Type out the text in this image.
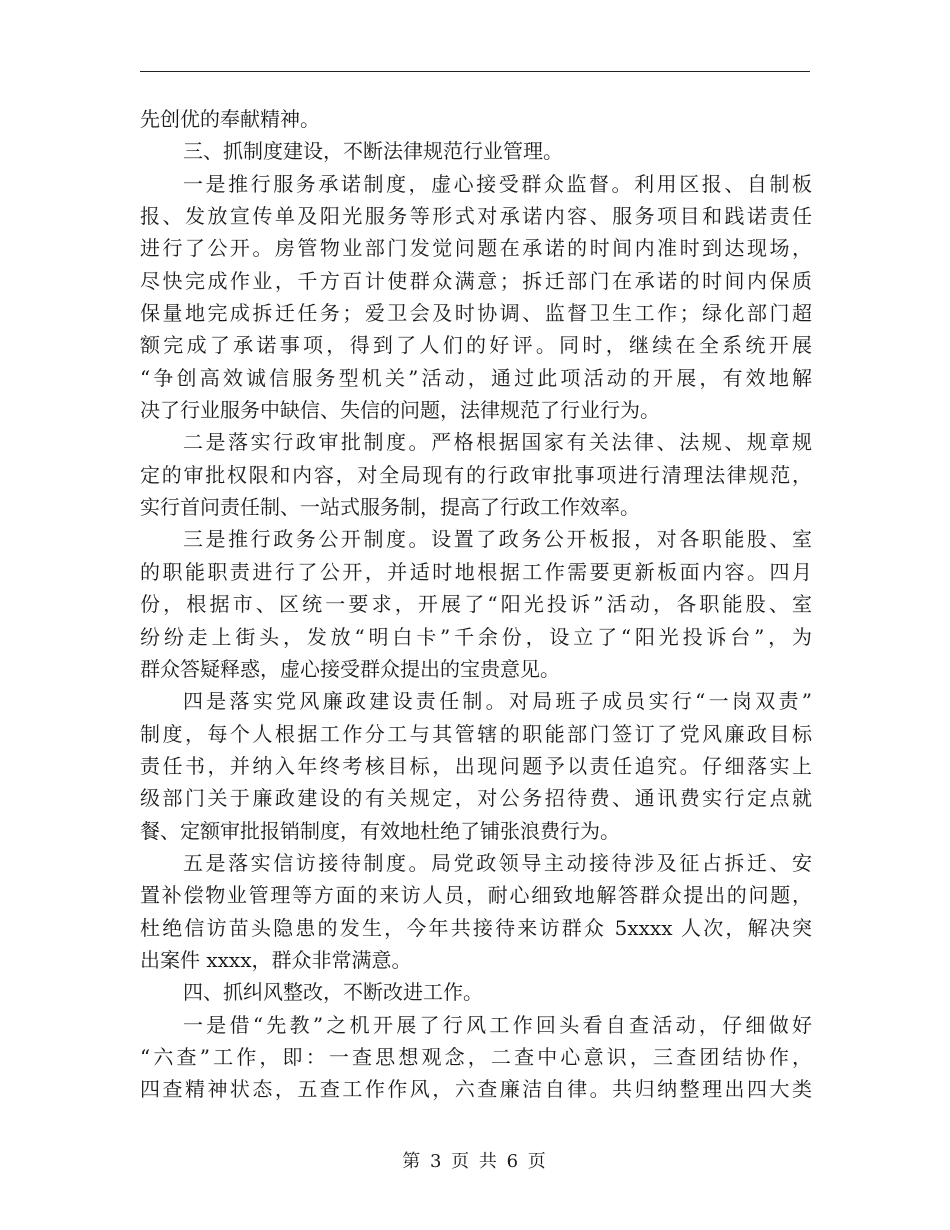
先创优的奉献精神。
三、抓制度建设，不断法律规范行业管理。
一是推行服务承诺制度，虚心接受群众监督。利用区报、自制板
报、发放宣传单及阳光服务等形式对承诺内容、服务项目和践诺责任
进行了公开。房管物业部门发觉问题在承诺的时间内准时到达现场，
尽快完成作业，千方百计使群众满意；拆迁部门在承诺的时间内保质
保量地完成拆迁任务；爱卫会及时协调、监督卫生工作；绿化部门超
额完成了承诺事项，得到了人们的好评。同时，继续在全系统开展
“争创高效诚信服务型机关”活动，通过此项活动的开展，有效地解
决了行业服务中缺信、失信的问题，法律规范了行业行为。
二是落实行政审批制度。严格根据国家有关法律、法规、规章规
定的审批权限和内容，对全局现有的行政审批事项进行清理法律规范，
实行首问责任制、一站式服务制，提高了行政工作效率。
三是推行政务公开制度。设置了政务公开板报，对各职能股、室
的职能职责进行了公开，并适时地根据工作需要更新板面内容。四月
份，根据市、区统一要求，开展了“阳光投诉”活动，各职能股、室
纷纷走上街头，发放“明白卡”千余份，设立了“阳光投诉台”，为
群众答疑释惑，虚心接受群众提出的宝贵意见。
四是落实党风廉政建设责任制。对局班子成员实行“一岗双责”
制度，每个人根据工作分工与其管辖的职能部门签订了党风廉政目标
责任书，并纳入年终考核目标，出现问题予以责任追究。仔细落实上
级部门关于廉政建设的有关规定，对公务招待费、通讯费实行定点就
餐、定额审批报销制度，有效地杜绝了铺张浪费行为。
五是落实信访接待制度。局党政领导主动接待涉及征占拆迁、安
置补偿物业管理等方面的来访人员，耐心细致地解答群众提出的问题，
杜绝信访苗头隐患的发生，今年共接待来访群众 5xxxx 人次，解决突
出案件 xxxx，群众非常满意。
四、抓纠风整改，不断改进工作。
一是借“先教”之机开展了行风工作回头看自查活动，仔细做好
“六查”工作，即：一查思想观念，二查中心意识，三查团结协作，
四查精神状态，五查工作作风，六查廉洁自律。共归纳整理出四大类
第 3 页 共 6 页
